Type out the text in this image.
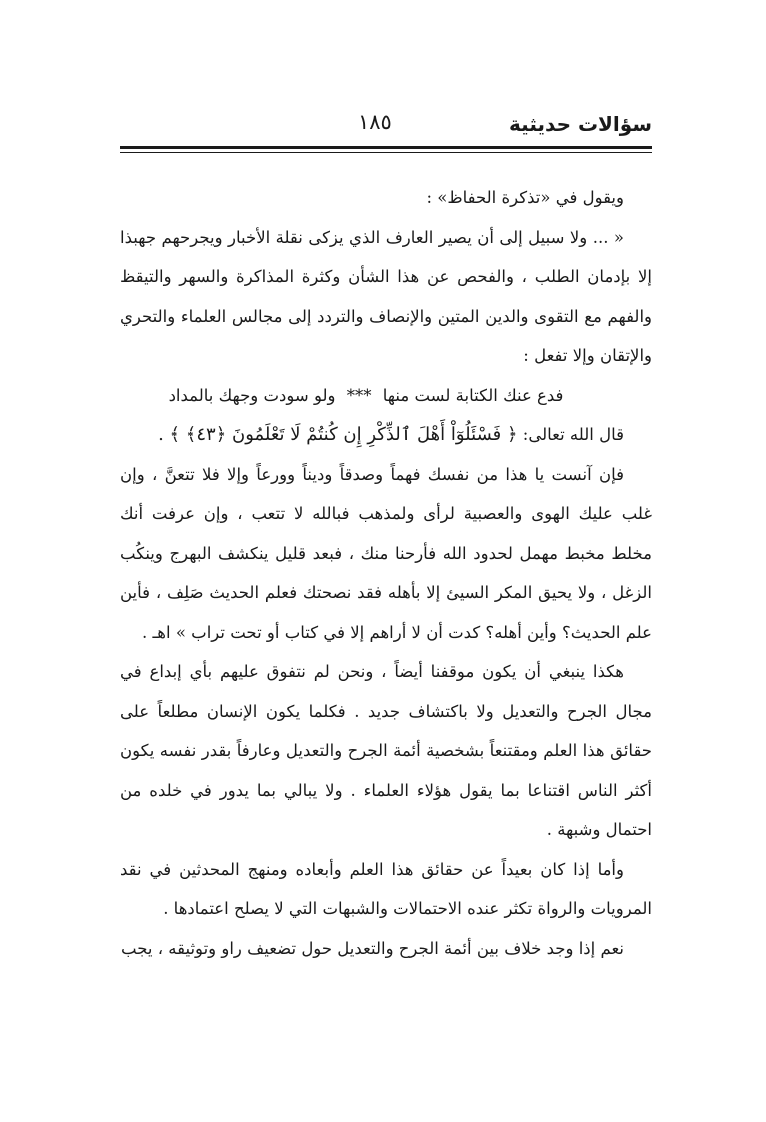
سؤالات حديثية
١٨٥

ويقول في «تذكرة الحفاظ» :

« ... ولا سبيل إلى أن يصير العارف الذي يزكى نقلة الأخبار ويجرحهم جهبذا إلا بإدمان الطلب ، والفحص عن هذا الشأن وكثرة المذاكرة والسهر والتيقظ والفهم مع التقوى والدين المتين والإنصاف والتردد إلى مجالس العلماء والتحري والإتقان وإلا تفعل :

فدع عنك الكتابة لست منها *** ولو سودت وجهك بالمداد

قال الله تعالى: ﴿ فَسْئَلُوٓاْ أَهْلَ ٱلذِّكْرِ إِن كُنتُمْ لَا تَعْلَمُونَ ﴿٤٣﴾ ﴾ .

فإن آنست يا هذا من نفسك فهماً وصدقاً وديناً وورعاً وإلا فلا تتعنَّ ، وإن غلب عليك الهوى والعصبية لرأى ولمذهب فبالله لا تتعب ، وإن عرفت أنك مخلط مخبط مهمل لحدود الله فأرحنا منك ، فبعد قليل ينكشف البهرج وينكُب الزغل ، ولا يحيق المكر السيئ إلا بأهله فقد نصحتك فعلم الحديث صَلِف ، فأين علم الحديث؟ وأين أهله؟ كدت أن لا أراهم إلا في كتاب أو تحت تراب » اهـ .

هكذا ينبغي أن يكون موقفنا أيضاً ، ونحن لم نتفوق عليهم بأي إبداع في مجال الجرح والتعديل ولا باكتشاف جديد . فكلما يكون الإنسان مطلعاً على حقائق هذا العلم ومقتنعاً بشخصية أئمة الجرح والتعديل وعارفاً بقدر نفسه يكون أكثر الناس اقتناعا بما يقول هؤلاء العلماء . ولا يبالي بما يدور في خلده من احتمال وشبهة .

وأما إذا كان بعيداً عن حقائق هذا العلم وأبعاده ومنهج المحدثين في نقد المرويات والرواة تكثر عنده الاحتمالات والشبهات التي لا يصلح اعتمادها .

نعم إذا وجد خلاف بين أئمة الجرح والتعديل حول تضعيف راو وتوثيقه ، يجب
